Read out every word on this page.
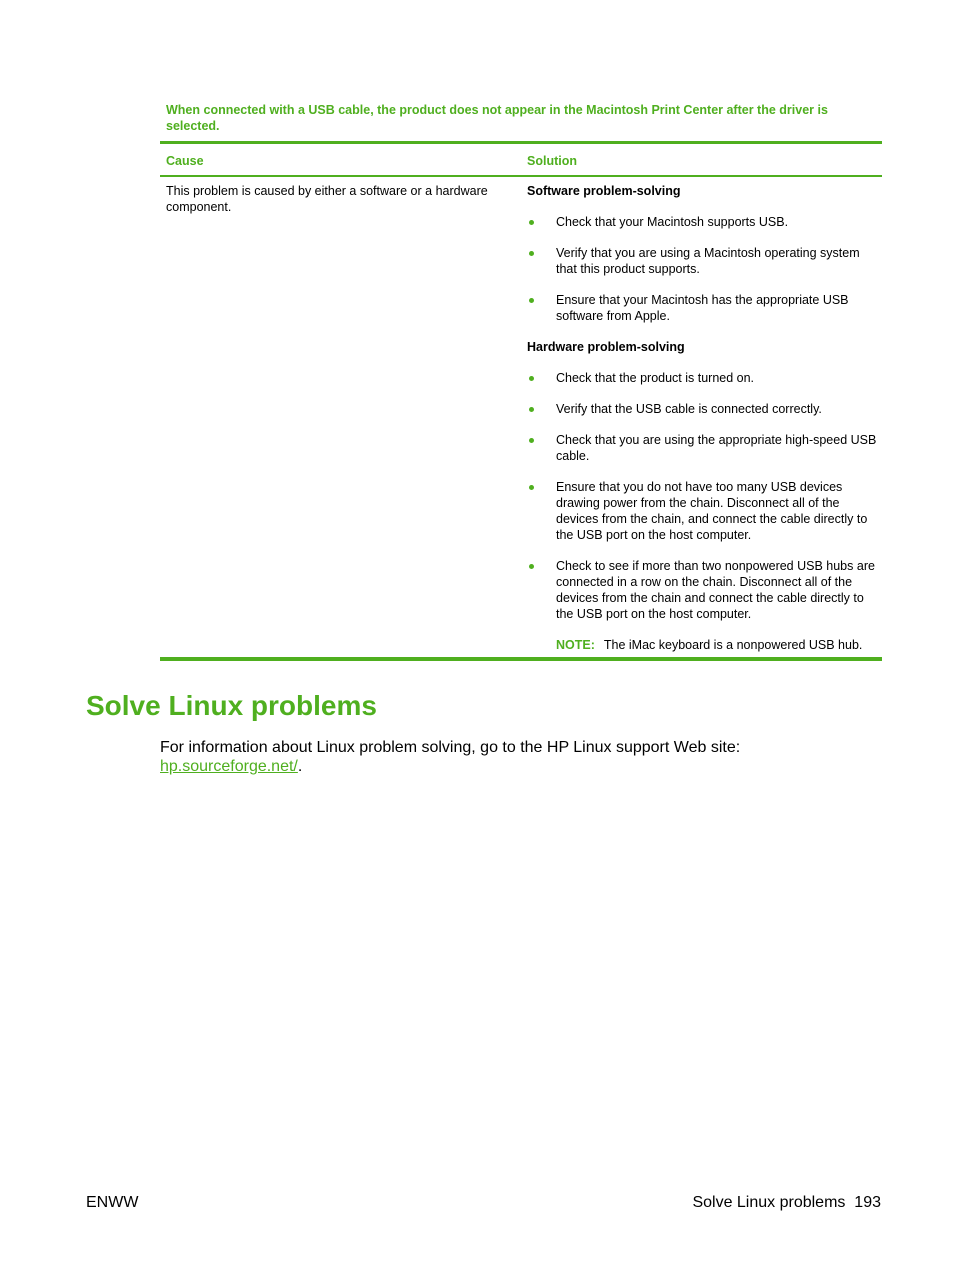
When connected with a USB cable, the product does not appear in the Macintosh Print Center after the driver is selected.
Cause	Solution
This problem is caused by either a software or a hardware component.
Software problem-solving
Check that your Macintosh supports USB.
Verify that you are using a Macintosh operating system that this product supports.
Ensure that your Macintosh has the appropriate USB software from Apple.
Hardware problem-solving
Check that the product is turned on.
Verify that the USB cable is connected correctly.
Check that you are using the appropriate high-speed USB cable.
Ensure that you do not have too many USB devices drawing power from the chain. Disconnect all of the devices from the chain, and connect the cable directly to the USB port on the host computer.
Check to see if more than two nonpowered USB hubs are connected in a row on the chain. Disconnect all of the devices from the chain and connect the cable directly to the USB port on the host computer.
NOTE: The iMac keyboard is a nonpowered USB hub.
Solve Linux problems
For information about Linux problem solving, go to the HP Linux support Web site:
hp.sourceforge.net/.
ENWW	Solve Linux problems 193
